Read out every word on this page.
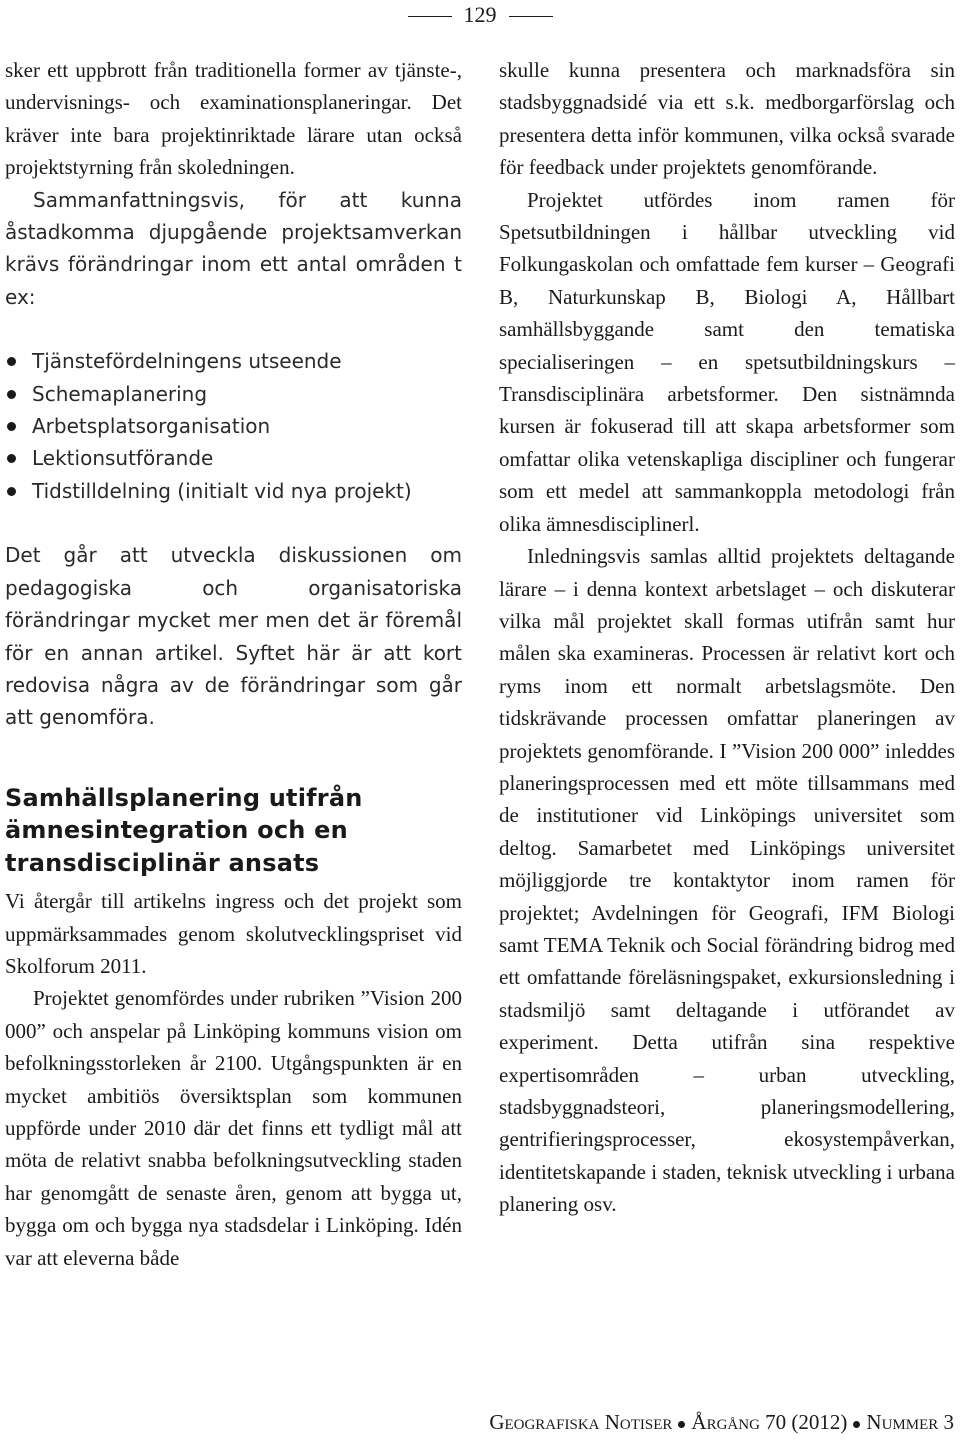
129

sker ett uppbrott från traditionella former av tjänste-, undervisnings- och examinationsplaneringar. Det kräver inte bara projektinriktade lärare utan också projektstyrning från skoledningen.

Sammanfattningsvis, för att kunna åstadkomma djupgående projektsamverkan krävs förändringar inom ett antal områden t ex:

Tjänstefördelningens utseende
Schemaplanering
Arbetsplatsorganisation
Lektionsutförande
Tidstilldelning (initialt vid nya projekt)

Det går att utveckla diskussionen om pedagogiska och organisatoriska förändringar mycket mer men det är föremål för en annan artikel. Syftet här är att kort redovisa några av de förändringar som går att genomföra.

Samhällsplanering utifrån ämnesintegration och en transdisciplinär ansats

Vi återgår till artikelns ingress och det projekt som uppmärksammades genom skolutvecklingspriset vid Skolforum 2011.

Projektet genomfördes under rubriken ”Vision 200 000” och anspelar på Linköping kommuns vision om befolkningsstorleken år 2100. Utgångspunkten är en mycket ambitiös översiktsplan som kommunen uppförde under 2010 där det finns ett tydligt mål att möta de relativt snabba befolkningsutveckling staden har genomgått de senaste åren, genom att bygga ut, bygga om och bygga nya stadsdelar i Linköping. Idén var att eleverna både

skulle kunna presentera och marknadsföra sin stadsbyggnadsidé via ett s.k. medborgarförslag och presentera detta inför kommunen, vilka också svarade för feedback under projektets genomförande.

Projektet utfördes inom ramen för Spetsutbildningen i hållbar utveckling vid Folkungaskolan och omfattade fem kurser – Geografi B, Naturkunskap B, Biologi A, Hållbart samhällsbyggande samt den tematiska specialiseringen – en spetsutbildningskurs – Transdisciplinära arbetsformer. Den sistnämnda kursen är fokuserad till att skapa arbetsformer som omfattar olika vetenskapliga discipliner och fungerar som ett medel att sammankoppla metodologi från olika ämnesdisciplinerl.

Inledningsvis samlas alltid projektets deltagande lärare – i denna kontext arbetslaget – och diskuterar vilka mål projektet skall formas utifrån samt hur målen ska examineras. Processen är relativt kort och ryms inom ett normalt arbetslagsmöte. Den tidskrävande processen omfattar planeringen av projektets genomförande. I ”Vision 200 000” inleddes planeringsprocessen med ett möte tillsammans med de institutioner vid Linköpings universitet som deltog. Samarbetet med Linköpings universitet möjliggjorde tre kontaktytor inom ramen för projektet; Avdelningen för Geografi, IFM Biologi samt TEMA Teknik och Social förändring bidrog med ett omfattande föreläsningspaket, exkursionsledning i stadsmiljö samt deltagande i utförandet av experiment. Detta utifrån sina respektive expertisområden – urban utveckling, stadsbyggnadsteori, planeringsmodellering, gentrifieringsprocesser, ekosystempåverkan, identitetskapande i staden, teknisk utveckling i urbana planering osv.

Geografiska Notiser Årgång 70 (2012) Nummer 3
